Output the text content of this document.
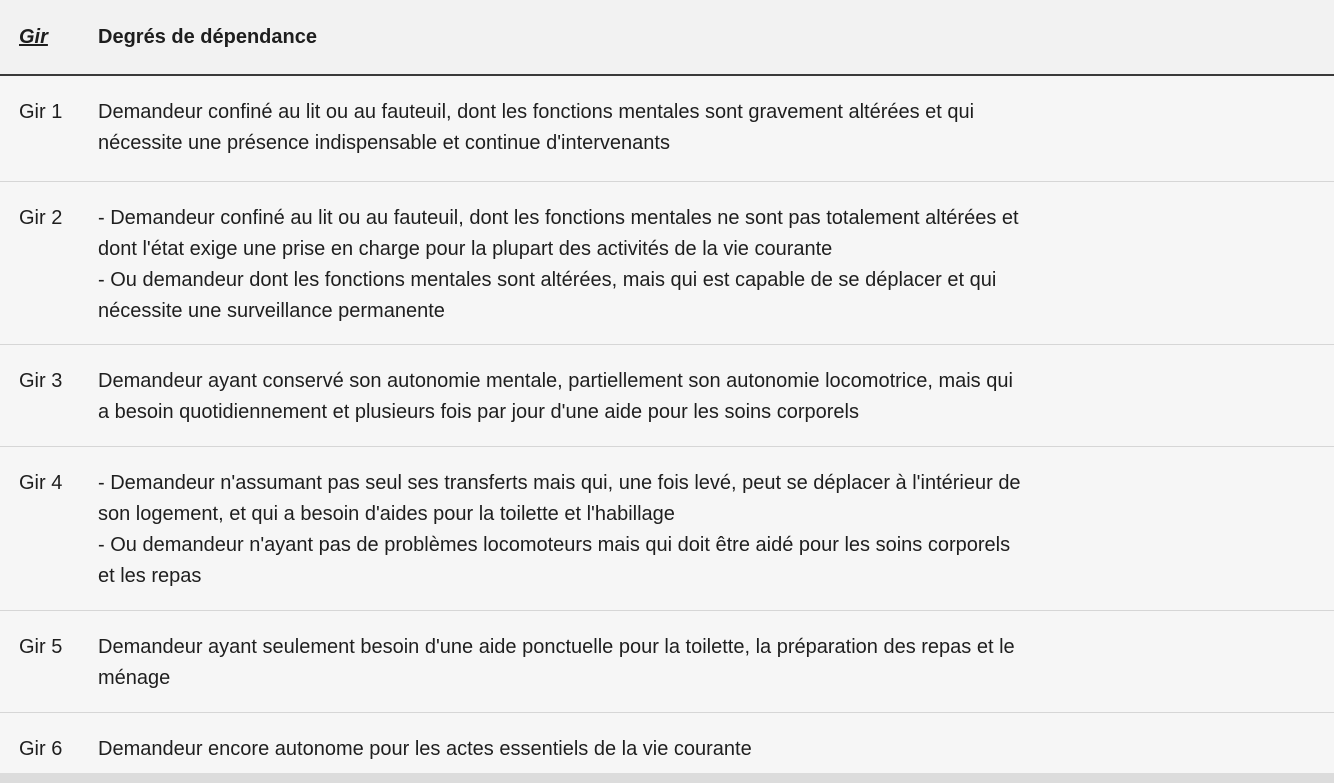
Gir	Degrés de dépendance
Gir 1	Demandeur confiné au lit ou au fauteuil, dont les fonctions mentales sont gravement altérées et qui
nécessite une présence indispensable et continue d'intervenants
Gir 2	- Demandeur confiné au lit ou au fauteuil, dont les fonctions mentales ne sont pas totalement altérées et
dont l'état exige une prise en charge pour la plupart des activités de la vie courante
- Ou demandeur dont les fonctions mentales sont altérées, mais qui est capable de se déplacer et qui
nécessite une surveillance permanente
Gir 3	Demandeur ayant conservé son autonomie mentale, partiellement son autonomie locomotrice, mais qui
a besoin quotidiennement et plusieurs fois par jour d'une aide pour les soins corporels
Gir 4	- Demandeur n'assumant pas seul ses transferts mais qui, une fois levé, peut se déplacer à l'intérieur de
son logement, et qui a besoin d'aides pour la toilette et l'habillage
- Ou demandeur n'ayant pas de problèmes locomoteurs mais qui doit être aidé pour les soins corporels
et les repas
Gir 5	Demandeur ayant seulement besoin d'une aide ponctuelle pour la toilette, la préparation des repas et le
ménage
Gir 6	Demandeur encore autonome pour les actes essentiels de la vie courante
